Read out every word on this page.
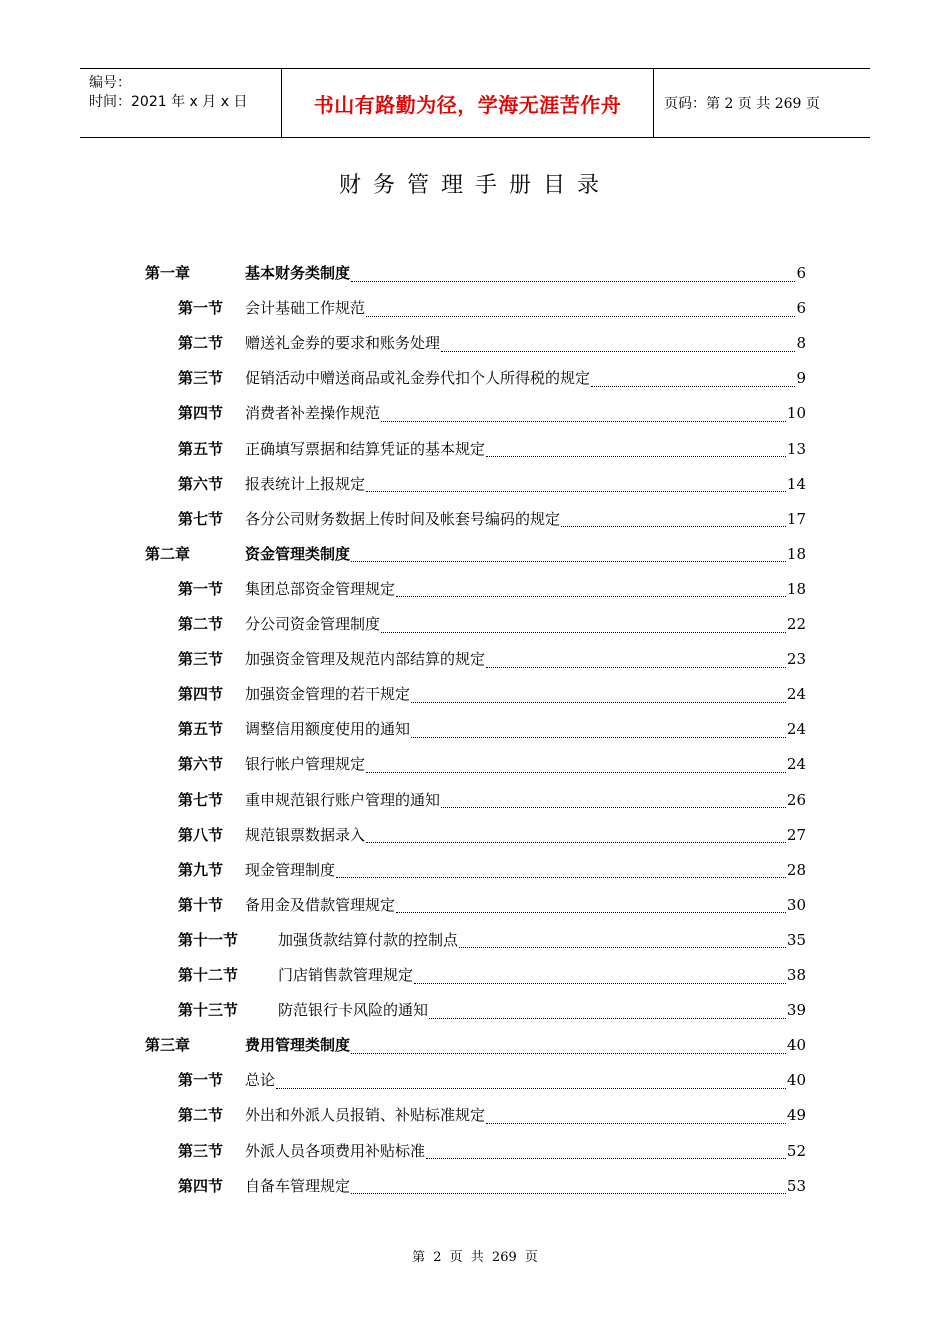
编号：
时间：2021 年 x 月 x 日	书山有路勤为径，学海无涯苦作舟	页码：第 2 页 共 269 页
财务管理手册目录
第一章	基本财务类制度	6
第一节	会计基础工作规范	6
第二节	赠送礼金券的要求和账务处理	8
第三节	促销活动中赠送商品或礼金券代扣个人所得税的规定	9
第四节	消费者补差操作规范	10
第五节	正确填写票据和结算凭证的基本规定	13
第六节	报表统计上报规定	14
第七节	各分公司财务数据上传时间及帐套号编码的规定	17
第二章	资金管理类制度	18
第一节	集团总部资金管理规定	18
第二节	分公司资金管理制度	22
第三节	加强资金管理及规范内部结算的规定	23
第四节	加强资金管理的若干规定	24
第五节	调整信用额度使用的通知	24
第六节	银行帐户管理规定	24
第七节	重申规范银行账户管理的通知	26
第八节	规范银票数据录入	27
第九节	现金管理制度	28
第十节	备用金及借款管理规定	30
第十一节	加强货款结算付款的控制点	35
第十二节	门店销售款管理规定	38
第十三节	防范银行卡风险的通知	39
第三章	费用管理类制度	40
第一节	总论	40
第二节	外出和外派人员报销、补贴标准规定	49
第三节	外派人员各项费用补贴标准	52
第四节	自备车管理规定	53
第 2 页 共 269 页
